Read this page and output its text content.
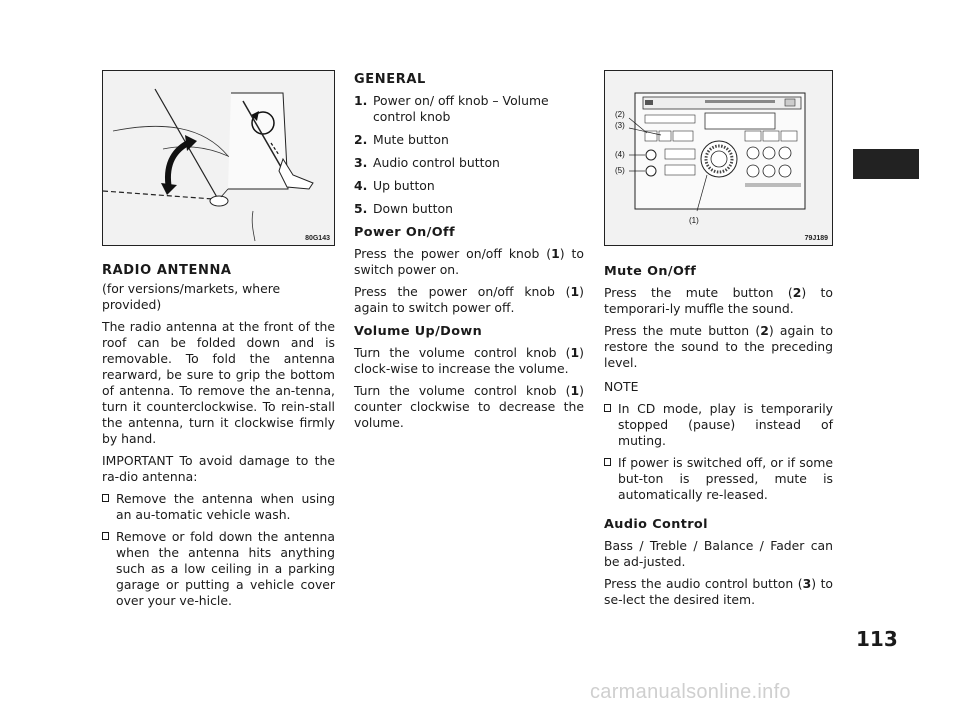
80G143
RADIO ANTENNA

(for versions/markets, where provided)

The radio antenna at the front of the roof can be folded down and is removable. To fold the antenna rearward, be sure to grip the bottom of antenna. To remove the an-tenna, turn it counterclockwise. To rein-stall the antenna, turn it clockwise firmly by hand.

IMPORTANT To avoid damage to the ra-dio antenna:

Remove the antenna when using an au-tomatic vehicle wash.
Remove or fold down the antenna when the antenna hits anything such as a low ceiling in a parking garage or putting a vehicle cover over your ve-hicle.
GENERAL
1. Power on/ off knob – Volume control knob
2. Mute button
3. Audio control button
4. Up button
5. Down button
Power On/Off

Press the power on/off knob (1) to switch power on.

Press the power on/off knob (1) again to switch power off.

Volume Up/Down

Turn the volume control knob (1) clock-wise to increase the volume.

Turn the volume control knob (1) counter clockwise to decrease the volume.

(2)
(3)
(4)
(5)
(1)
79J189
Mute On/Off

Press the mute button (2) to temporari-ly muffle the sound.

Press the mute button (2) again to restore the sound to the preceding level.

NOTE

In CD mode, play is temporarily stopped (pause) instead of muting.
If power is switched off, or if some but-ton is pressed, mute is automatically re-leased.
Audio Control

Bass / Treble / Balance / Fader can be ad-justed.

Press the audio control button (3) to se-lect the desired item.

113
carmanualsonline.info
